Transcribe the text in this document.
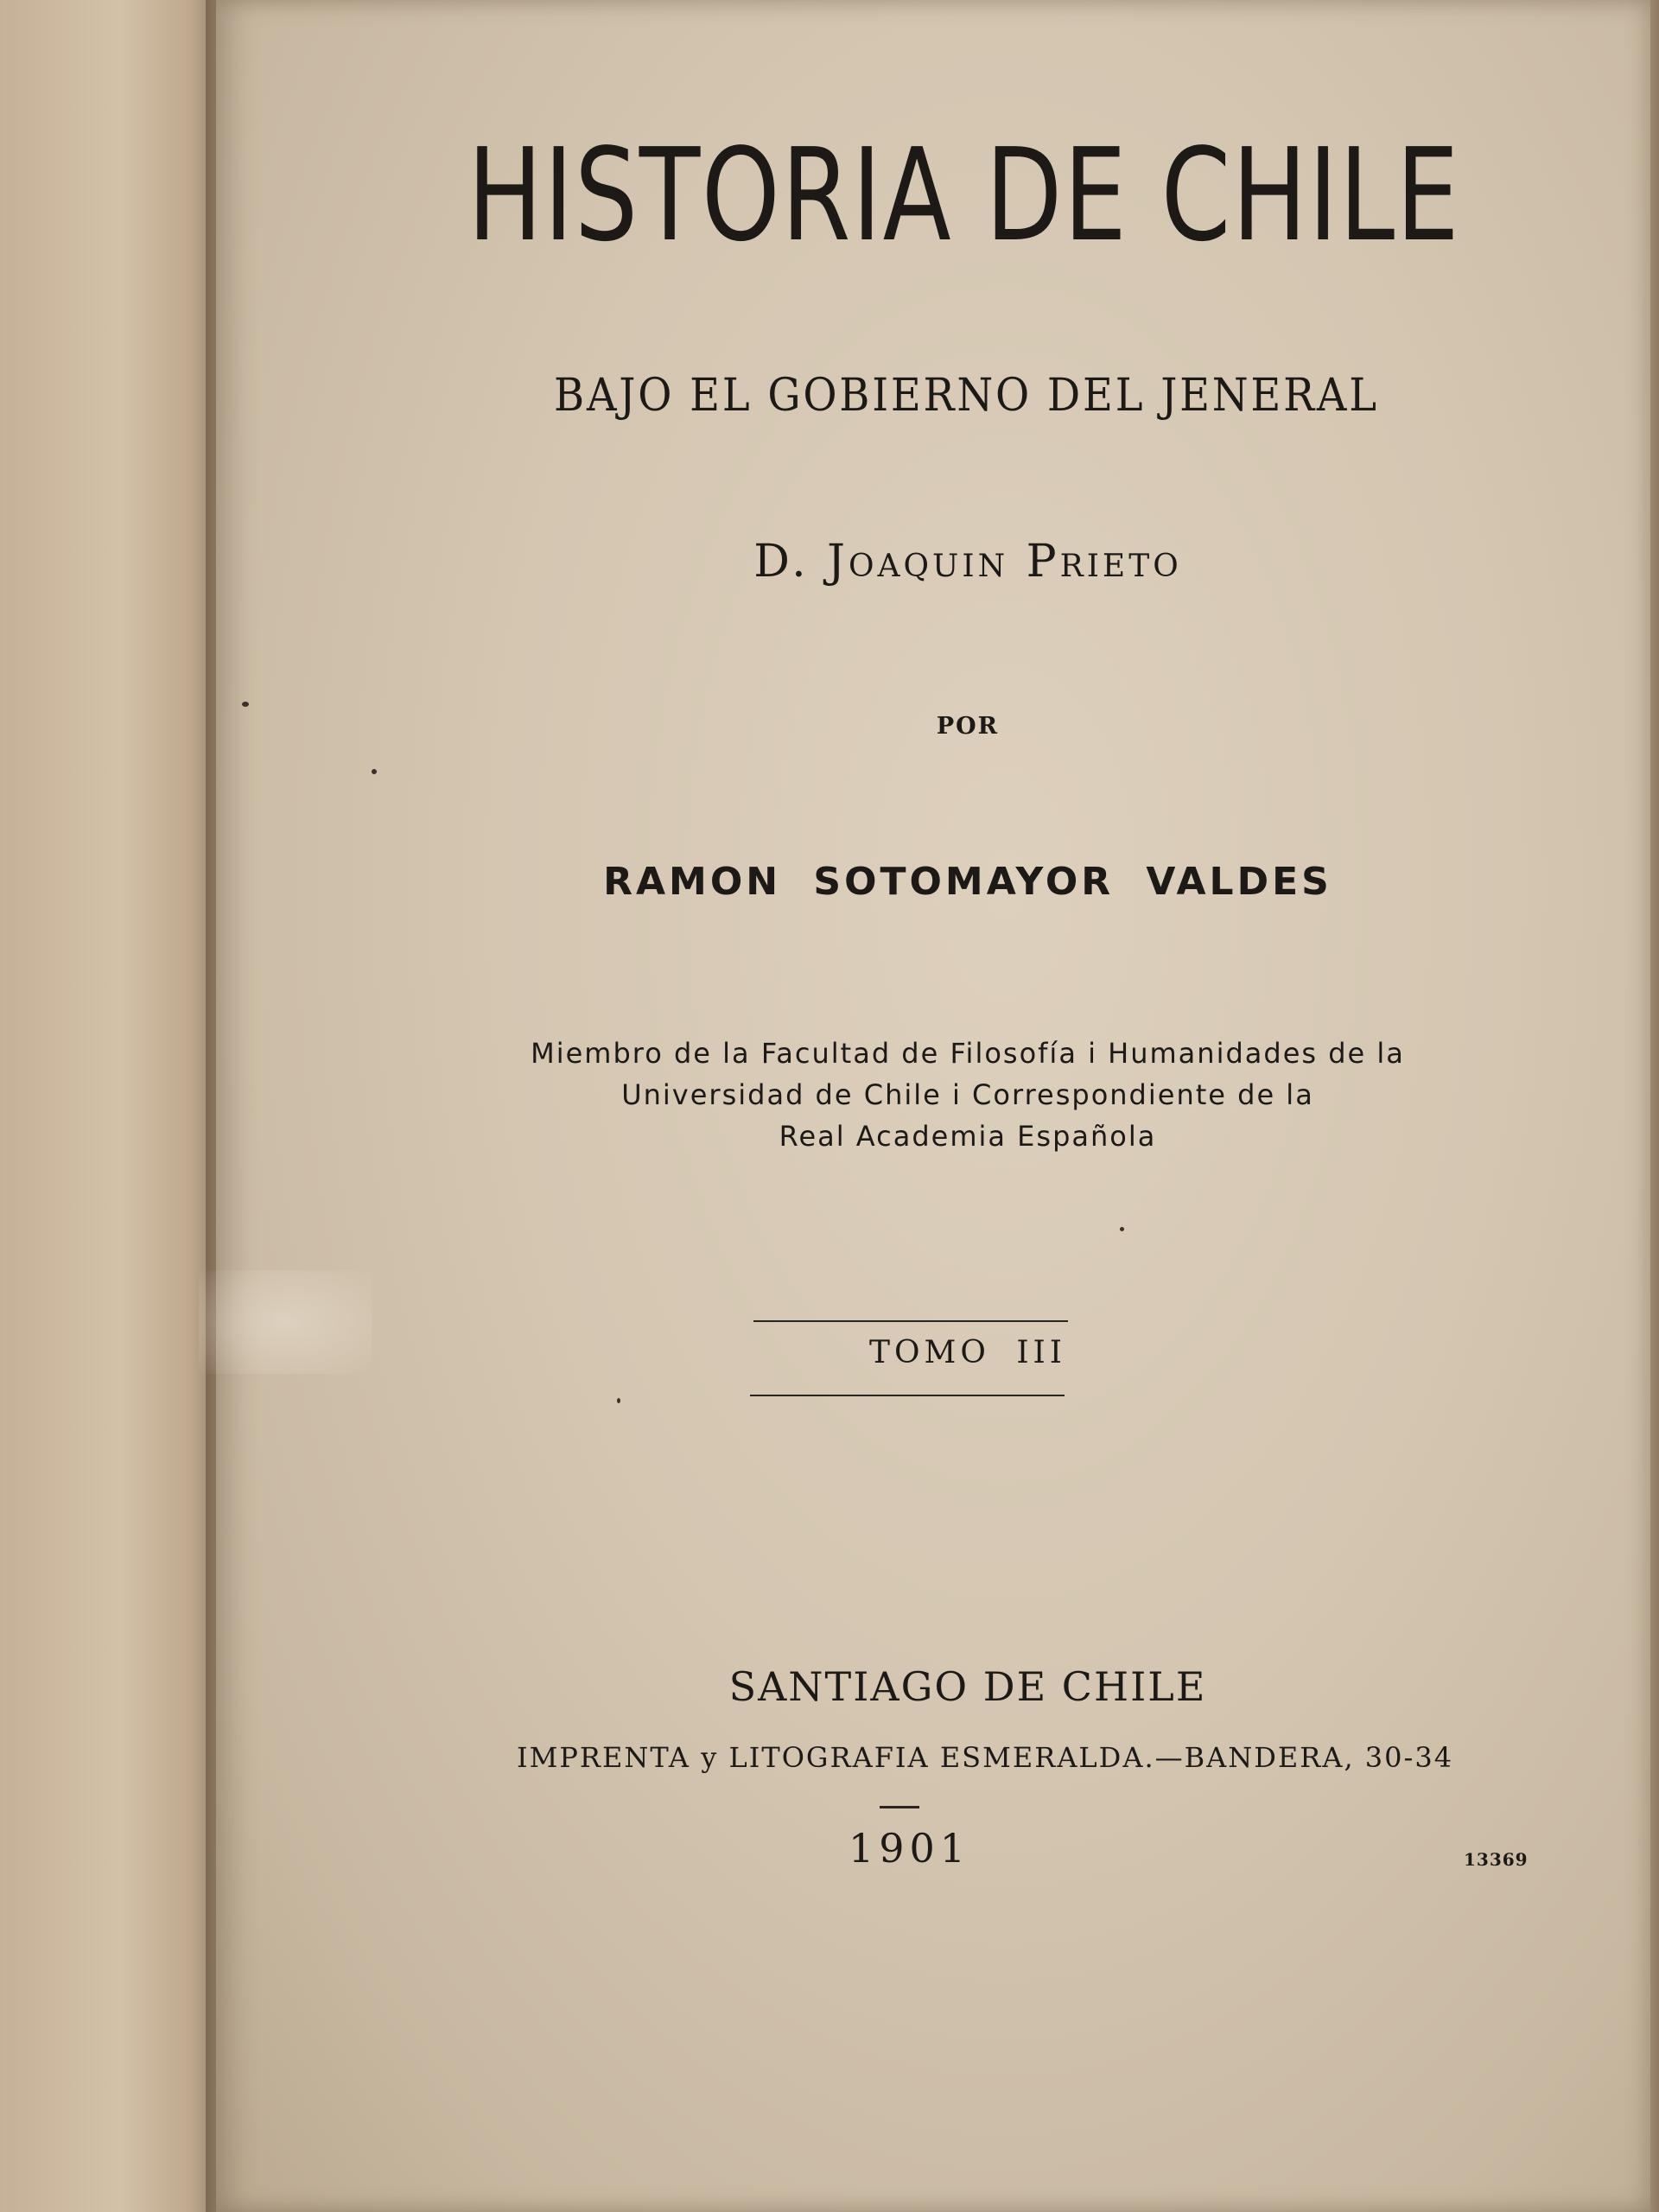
HISTORIA DE CHILE
BAJO EL GOBIERNO DEL JENERAL
D. Joaquin Prieto
POR
RAMON SOTOMAYOR VALDES
Miembro de la Facultad de Filosofía i Humanidades de la
Universidad de Chile i Correspondiente de la
Real Academia Española
TOMO III
SANTIAGO DE CHILE
IMPRENTA y LITOGRAFIA ESMERALDA.—BANDERA, 30-34
1901	13369
